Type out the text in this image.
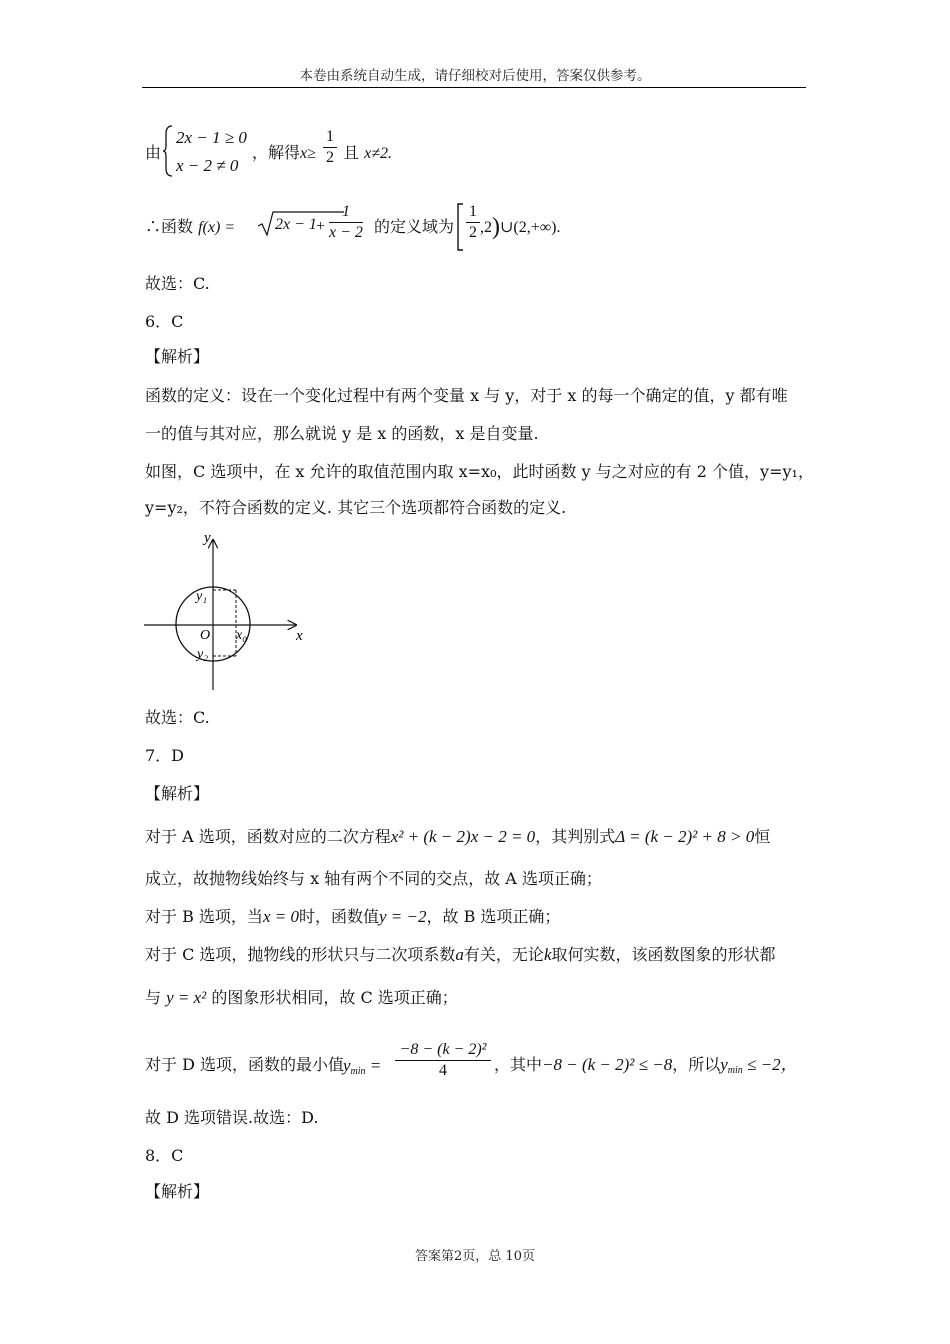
本卷由系统自动生成，请仔细校对后使用，答案仅供参考。
由
2x − 1 ≥ 0
x − 2 ≠ 0
，解得$x\ge \frac{1}{2}$ 且 x≠2.
∴函数 $f(x) = 2x - 1 + \frac{1}{x - 2}$ 的定义域为 $\frac{1}{2}$ ,2)∪(2,+∞).
故选：C.
6．C
【解析】
函数的定义：设在一个变化过程中有两个变量 x 与 y，对于 x 的每一个确定的值，y 都有唯
一的值与其对应，那么就说 y 是 x 的函数，x 是自变量.
如图，C 选项中，在 x 允许的取值范围内取 x=x₀，此时函数 y 与之对应的有 2 个值，y=y₁，
y=y₂，不符合函数的定义. 其它三个选项都符合函数的定义.
y
x
O
y₁
y₂
x₀
故选：C.
7．D
【解析】
对于 A 选项，函数对应的二次方程x² + (k − 2)x − 2 = 0，其判别式Δ = (k − 2)² + 8 > 0恒
成立，故抛物线始终与 x 轴有两个不同的交点，故 A 选项正确；
对于 B 选项，当x = 0时，函数值y = −2，故 B 选项正确；
对于 C 选项，抛物线的形状只与二次项系数a有关，无论k取何实数，该函数图象的形状都
与 y = x² 的图象形状相同，故 C 选项正确；
对于 D 选项，函数的最小值
$y_{min} = \frac{\text{−8 − (k − 2)²}}{4}$ ，其中−8 − (k − 2)² ≤ −8，所以$y_{min} \le -2$，
故 D 选项错误.故选：D.
8．C
【解析】
答案第2页，总 10页
